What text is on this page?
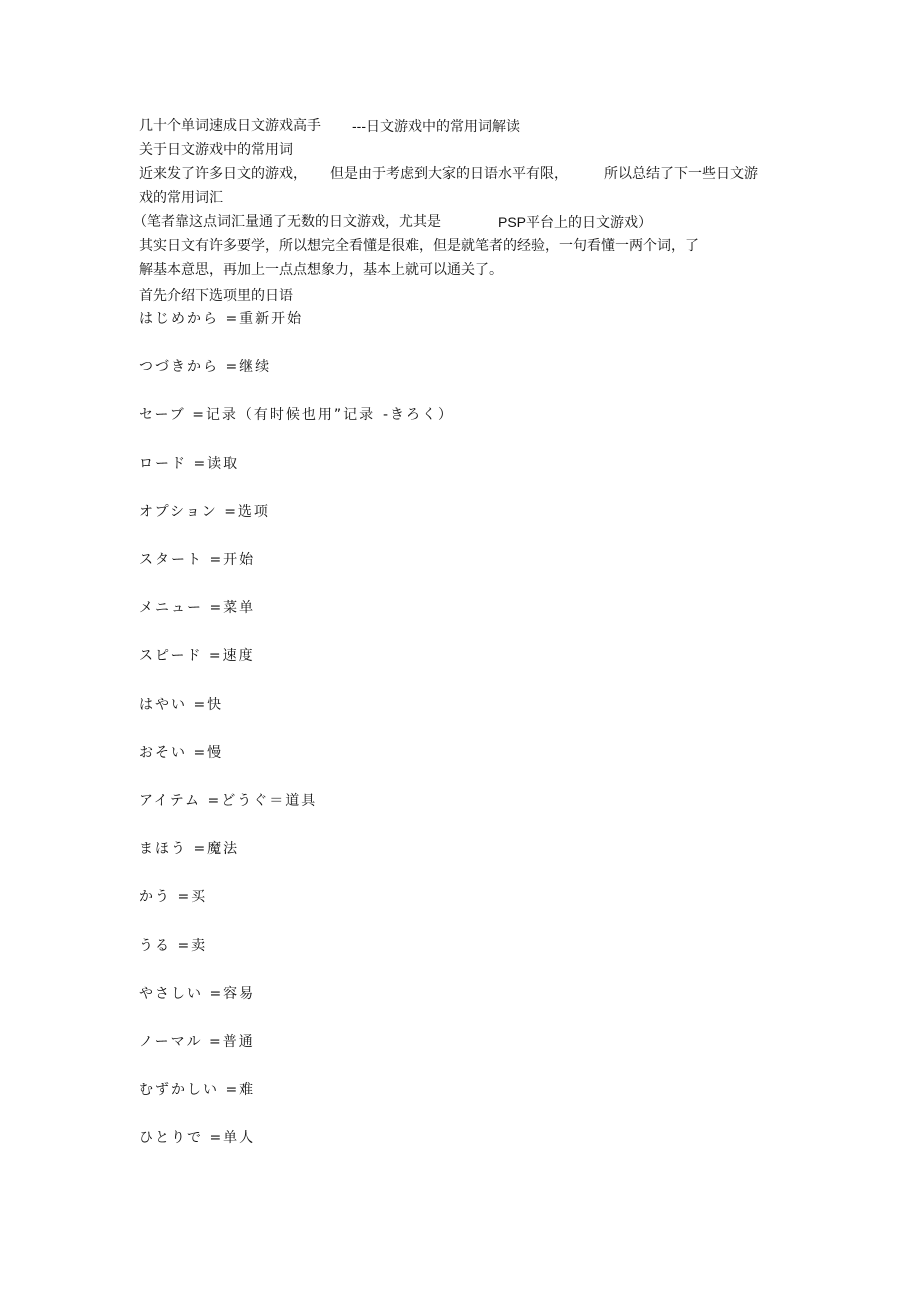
几十个单词速成日文游戏高手 ---日文游戏中的常用词解读
关于日文游戏中的常用词
近来发了许多日文的游戏， 但是由于考虑到大家的日语水平有限，	所以总结了下一些日文游
戏的常用词汇
（笔者靠这点词汇量通了无数的日文游戏，尤其是	PSP平台上的日文游戏）
其实日文有许多要学，所以想完全看懂是很难，但是就笔者的经验，一句看懂一两个词，了
解基本意思，再加上一点点想象力，基本上就可以通关了。
首先介绍下选项里的日语
はじめから =重新开始
つづきから =继续
セーブ =记录（有时候也用”记录 -きろく）
ロード =读取
オプション =选项
スタート =开始
メニュー =菜单
スピード =速度
はやい =快
おそい =慢
アイテム =どうぐ＝道具
まほう =魔法
かう =买
うる =卖
やさしい =容易
ノーマル =普通
むずかしい =难
ひとりで =单人
